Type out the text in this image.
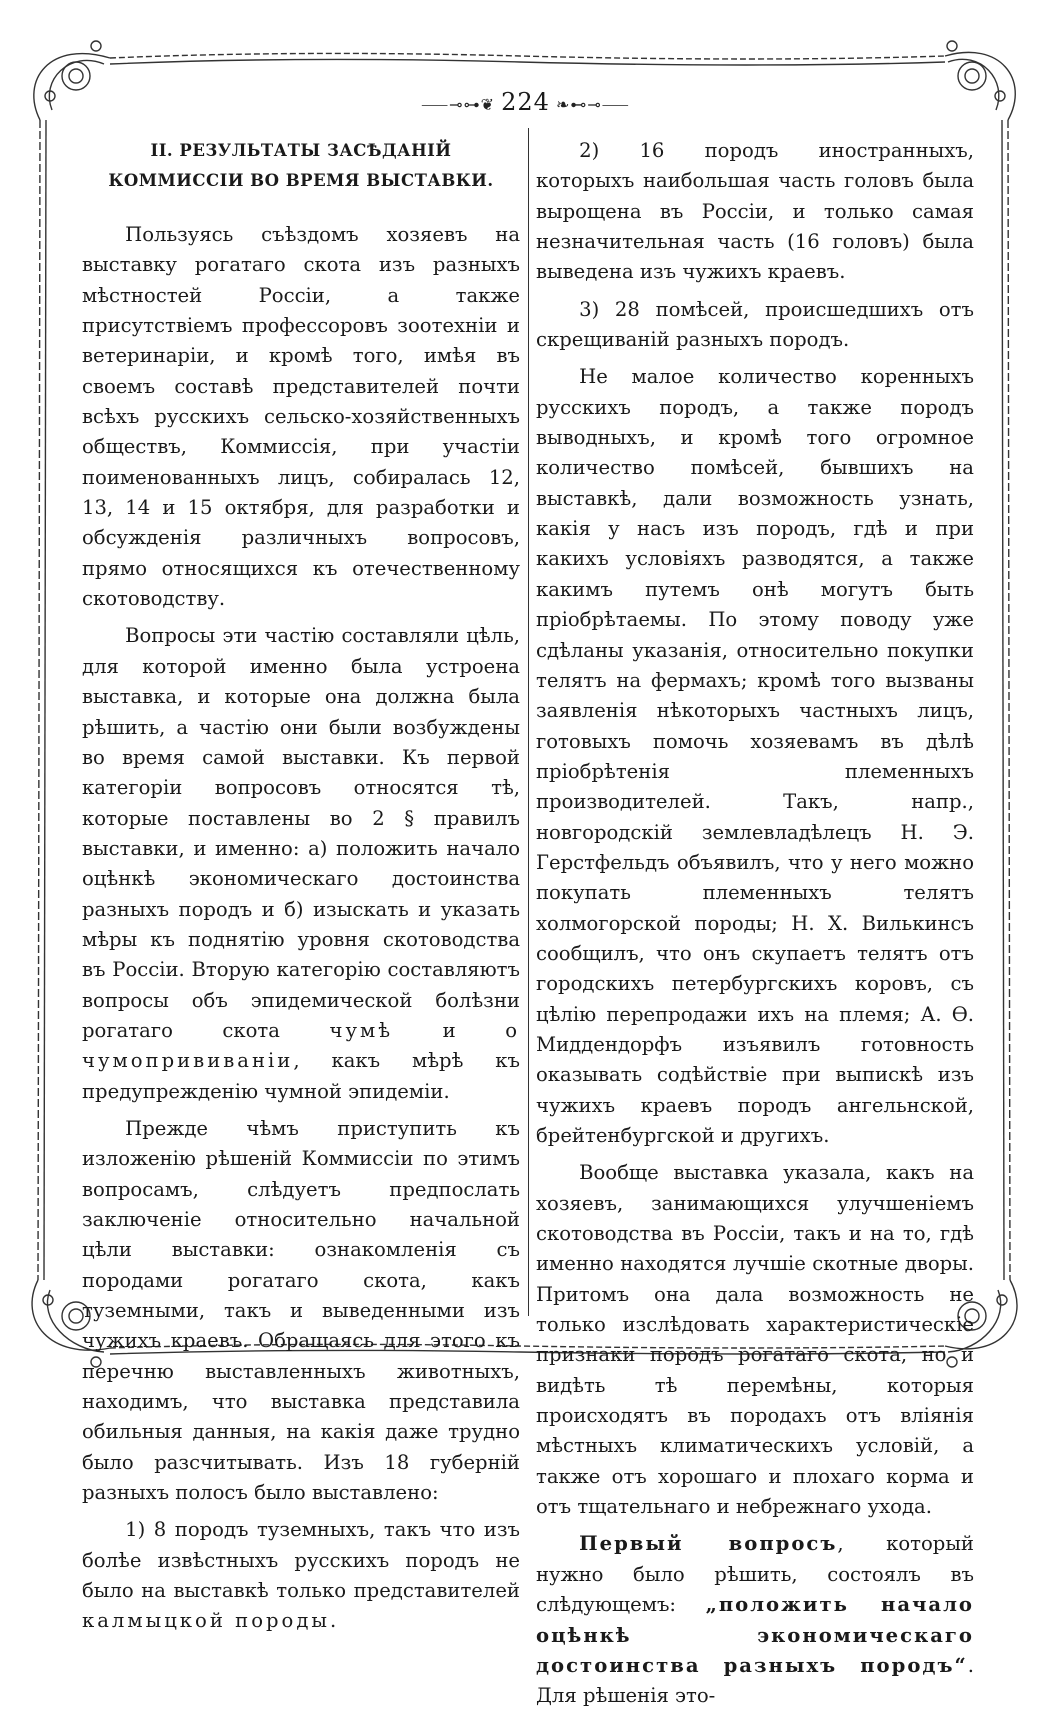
⸺⊸⊶❦ 224 ❧⊷⊸⸺

II. РЕЗУЛЬТАТЫ ЗАСѢДАНІЙ КОММИССІИ ВО ВРЕМЯ ВЫСТАВКИ.

Пользуясь съѣздомъ хозяевъ на выставку рогатаго скота изъ разныхъ мѣстностей Россіи, а также присутствіемъ профессоровъ зоотехніи и ветеринаріи, и кромѣ того, имѣя въ своемъ составѣ представителей почти всѣхъ русскихъ сельско-хозяйственныхъ обществъ, Коммиссія, при участіи поименованныхъ лицъ, собиралась 12, 13, 14 и 15 октября, для разработки и обсужденія различныхъ вопросовъ, прямо относящихся къ отечественному скотоводству.

Вопросы эти частію составляли цѣль, для которой именно была устроена выставка, и которые она должна была рѣшить, а частію они были возбуждены во время самой выставки. Къ первой категоріи вопросовъ относятся тѣ, которые поставлены во 2 § правилъ выставки, и именно: а) положить начало оцѣнкѣ экономическаго достоинства разныхъ породъ и б) изыскать и указать мѣры къ поднятію уровня скотоводства въ Россіи. Вторую категорію составляютъ вопросы объ эпидемической болѣзни рогатаго скота чумѣ и о чумопрививаніи, какъ мѣрѣ къ предупрежденію чумной эпидеміи.

Прежде чѣмъ приступить къ изложенію рѣшеній Коммиссіи по этимъ вопросамъ, слѣдуетъ предпослать заключеніе относительно начальной цѣли выставки: ознакомленія съ породами рогатаго скота, какъ туземными, такъ и выведенными изъ чужихъ краевъ. Обращаясь для этого къ перечню выставленныхъ животныхъ, находимъ, что выставка представила обильныя данныя, на какія даже трудно было разсчитывать. Изъ 18 губерній разныхъ полосъ было выставлено:

1) 8 породъ туземныхъ, такъ что изъ болѣе извѣстныхъ русскихъ породъ не было на выставкѣ только представителей калмыцкой породы.

2) 16 породъ иностранныхъ, которыхъ наибольшая часть головъ была вырощена въ Россіи, и только самая незначительная часть (16 головъ) была выведена изъ чужихъ краевъ.

3) 28 помѣсей, происшедшихъ отъ скрещиваній разныхъ породъ.

Не малое количество коренныхъ русскихъ породъ, а также породъ выводныхъ, и кромѣ того огромное количество помѣсей, бывшихъ на выставкѣ, дали возможность узнать, какія у насъ изъ породъ, гдѣ и при какихъ условіяхъ разводятся, а также какимъ путемъ онѣ могутъ быть пріобрѣтаемы. По этому поводу уже сдѣланы указанія, относительно покупки телятъ на фермахъ; кромѣ того вызваны заявленія нѣкоторыхъ частныхъ лицъ, готовыхъ помочь хозяевамъ въ дѣлѣ пріобрѣтенія племенныхъ производителей. Такъ, напр., новгородскій землевладѣлецъ Н. Э. Герстфельдъ объявилъ, что у него можно покупать племенныхъ телятъ холмогорской породы; Н. Х. Вилькинсъ сообщилъ, что онъ скупаетъ телятъ отъ городскихъ петербургскихъ коровъ, съ цѣлію перепродажи ихъ на племя; А. Ѳ. Миддендорфъ изъявилъ готовность оказывать содѣйствіе при выпискѣ изъ чужихъ краевъ породъ ангельнской, брейтенбургской и другихъ.

Вообще выставка указала, какъ на хозяевъ, занимающихся улучшеніемъ скотоводства въ Россіи, такъ и на то, гдѣ именно находятся лучшіе скотные дворы. Притомъ она дала возможность не только изслѣдовать характеристическіе признаки породъ рогатаго скота, но и видѣть тѣ перемѣны, которыя происходятъ въ породахъ отъ вліянія мѣстныхъ климатическихъ условій, а также отъ хорошаго и плохаго корма и отъ тщательнаго и небрежнаго ухода.

Первый вопросъ, который нужно было рѣшить, состоялъ въ слѣдующемъ: „положить начало оцѣнкѣ экономическаго достоинства разныхъ породъ“. Для рѣшенія это-
